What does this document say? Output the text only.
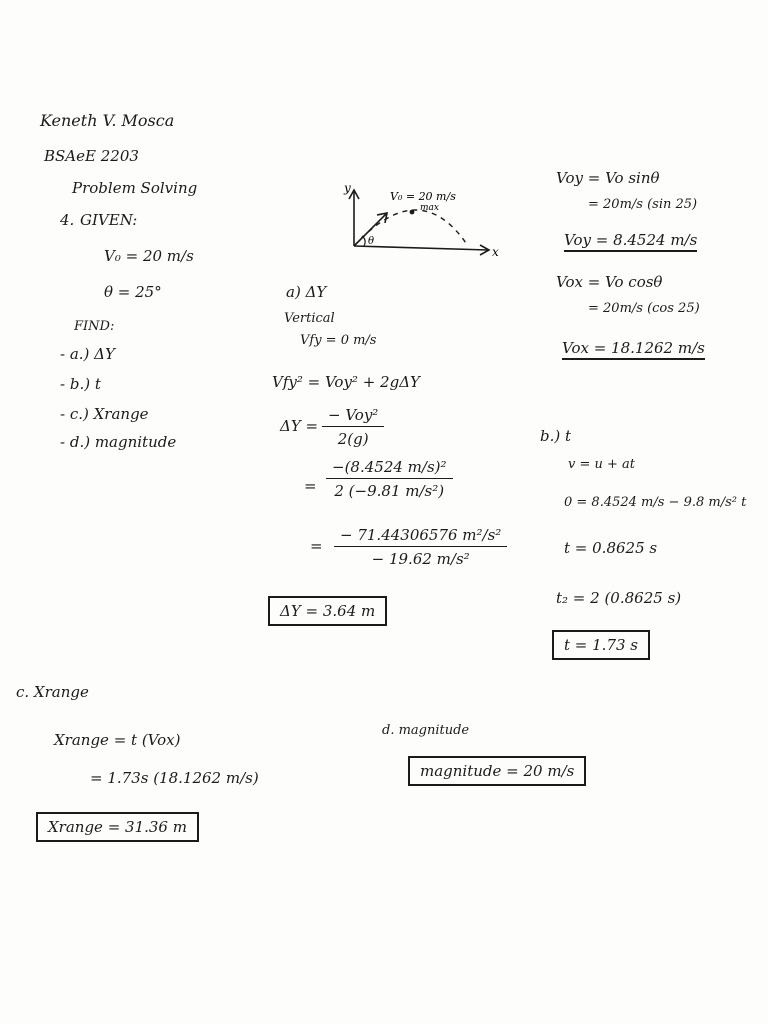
Keneth V. Mosca
BSAeE 2203
Problem Solving
4. GIVEN:
V₀ = 20 m/s
θ = 25°
FIND:
- a.) ΔY
- b.) t
- c.) Xrange
- d.) magnitude
y
x
V₀ = 20 m/s
max
θ
a) ΔY
Vertical
Vfy = 0 m/s
Vfy² = Voy² + 2gΔY
ΔY =
− Voy²
2(g)
= $\frac{\text{−(8.4524 m/s)²}}{\text{2 (−9.81 m/s²)}}$
= $\frac{\text{− 71.44306576 m²/s²}}{\text{− 19.62 m/s²}}$
ΔY = 3.64 m
Voy = Vo sinθ
= 20m/s (sin 25)
Voy = 8.4524 m/s
Vox = Vo cosθ
= 20m/s (cos 25)
Vox = 18.1262 m/s
b.) t
v = u + at
0 = 8.4524 m/s − 9.8 m/s² t
t = 0.8625 s
t₂ = 2 (0.8625 s)
t = 1.73 s
c. Xrange
Xrange = t (Vox)
= 1.73s (18.1262 m/s)
Xrange = 31.36 m
d. magnitude
magnitude = 20 m/s
